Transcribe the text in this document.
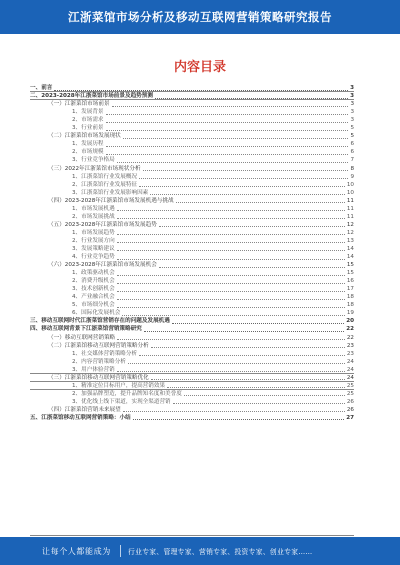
江浙菜馆市场分析及移动互联网营销策略研究报告
内容目录
一、前言	3
二、2023-2028年江浙菜馆市场前景及趋势预测	3
（一）江浙菜馆市场前景	3
1、发展背景	3
2、市场需求	3
3、行业前景	5
（二）江浙菜馆市场发展现状	5
1、发展历程	6
2、市场规模	6
3、行业竞争格局	7
（三）2022年江浙菜馆市场现状分析	8
1、江浙菜馆行业发展概况	9
2、江浙菜馆行业发展特征	10
3、江浙菜馆行业发展影响因素	10
（四）2023-2028年江浙菜馆市场发展机遇与挑战	11
1、市场发展机遇	11
2、市场发展挑战	11
（五）2023-2028年江浙菜馆市场发展趋势	12
1、市场发展趋势	12
2、行业发展方向	13
3、发展策略建议	14
4、行业竞争趋势	14
（六）2023-2028年江浙菜馆市场发展机会	15
1、政策驱动机会	15
2、消费升级机会	16
3、技术创新机会	17
4、产业融合机会	18
5、市场细分机会	18
6、国际化发展机会	19
三、移动互联网时代江浙菜馆营销存在的问题及发展机遇	20
四、移动互联网背景下江浙菜馆营销策略研究	22
（一）移动互联网营销策略	22
（二）江浙菜馆移动互联网营销策略分析	23
1、社交媒体营销策略分析	23
2、内容营销策略分析	24
3、用户体验营销	24
（三）江浙菜馆移动互联网营销策略优化	24
1、精准定位目标用户，提高营销效果	25
2、加强品牌塑造，提升品牌知名度和美誉度	25
3、优化线上线下渠道，实现全渠道营销	26
（四）江浙菜馆营销未来展望	26
五、江浙菜馆移动互联网营销策略：小结	27
让每个人都能成为	行业专家、管理专家、营销专家、投资专家、创业专家……
